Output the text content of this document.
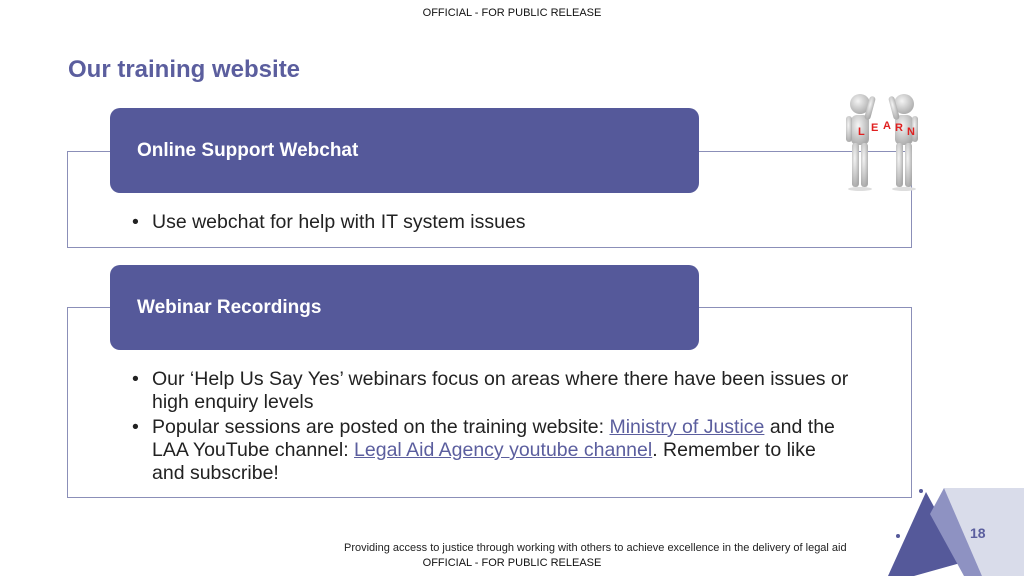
OFFICIAL - FOR PUBLIC RELEASE
Our training website
Online Support Webchat
• Use webchat for help with IT system issues
Webinar Recordings
• Our ‘Help Us Say Yes’ webinars focus on areas where there have been issues or high enquiry levels
• Popular sessions are posted on the training website: Ministry of Justice and the LAA YouTube channel: Legal Aid Agency youtube channel. Remember to like and subscribe!
L E A R N
18
Providing access to justice through working with others to achieve excellence in the delivery of legal aid
OFFICIAL - FOR PUBLIC RELEASE
